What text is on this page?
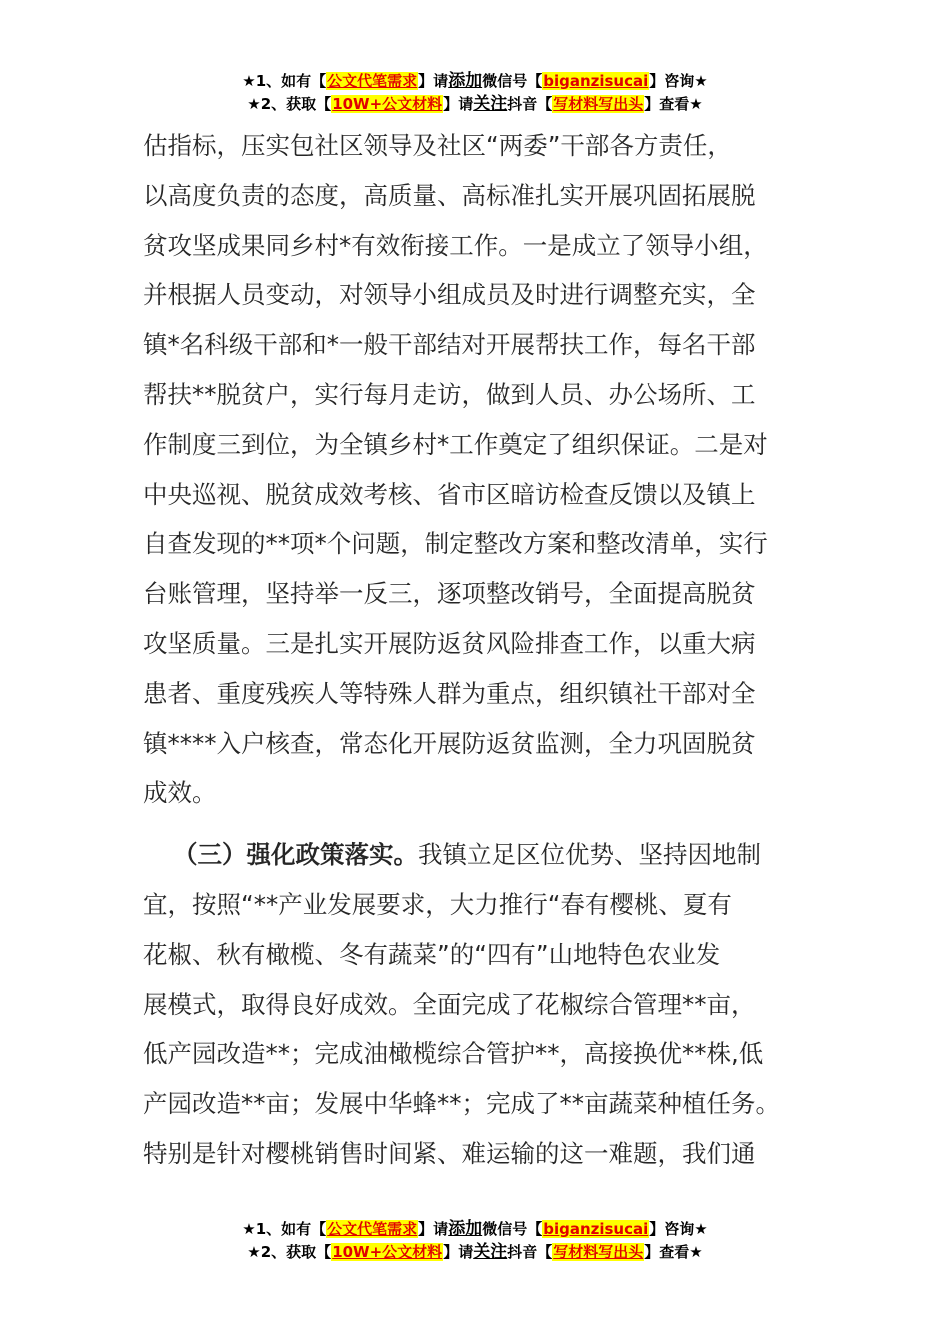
★1、如有【公文代笔需求】请添加微信号【biganzisucai】咨询★
★2、获取【10W+公文材料】请关注抖音【写材料写出头】查看★
估指标，压实包社区领导及社区“两委”干部各方责任，
以高度负责的态度，高质量、高标准扎实开展巩固拓展脱
贫攻坚成果同乡村*有效衔接工作。一是成立了领导小组，
并根据人员变动，对领导小组成员及时进行调整充实，全
镇*名科级干部和*一般干部结对开展帮扶工作，每名干部
帮扶**脱贫户，实行每月走访，做到人员、办公场所、工
作制度三到位，为全镇乡村*工作奠定了组织保证。二是对
中央巡视、脱贫成效考核、省市区暗访检查反馈以及镇上
自查发现的**项*个问题，制定整改方案和整改清单，实行
台账管理，坚持举一反三，逐项整改销号，全面提高脱贫
攻坚质量。三是扎实开展防返贫风险排查工作，以重大病
患者、重度残疾人等特殊人群为重点，组织镇社干部对全
镇****入户核查，常态化开展防返贫监测，全力巩固脱贫
成效。
（三）强化政策落实。我镇立足区位优势、坚持因地制
宜，按照“**产业发展要求，大力推行“春有樱桃、夏有
花椒、秋有橄榄、冬有蔬菜”的“四有”山地特色农业发
展模式，取得良好成效。全面完成了花椒综合管理**亩，
低产园改造**；完成油橄榄综合管护**，高接换优**株,低
产园改造**亩；发展中华蜂**；完成了**亩蔬菜种植任务。
特别是针对樱桃销售时间紧、难运输的这一难题，我们通
★1、如有【公文代笔需求】请添加微信号【biganzisucai】咨询★
★2、获取【10W+公文材料】请关注抖音【写材料写出头】查看★
